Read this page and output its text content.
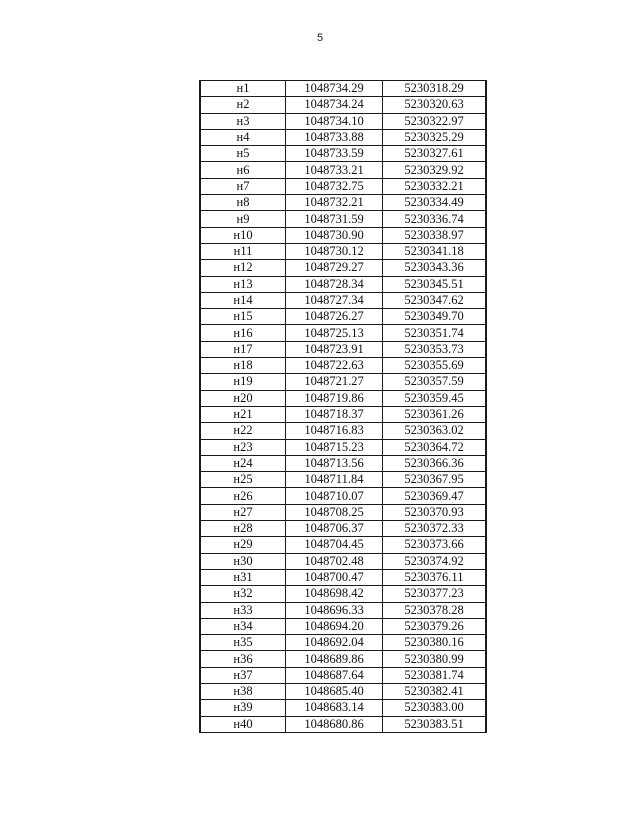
5
н1	1048734.29	5230318.29
н2	1048734.24	5230320.63
н3	1048734.10	5230322.97
н4	1048733.88	5230325.29
н5	1048733.59	5230327.61
н6	1048733.21	5230329.92
н7	1048732.75	5230332.21
н8	1048732.21	5230334.49
н9	1048731.59	5230336.74
н10	1048730.90	5230338.97
н11	1048730.12	5230341.18
н12	1048729.27	5230343.36
н13	1048728.34	5230345.51
н14	1048727.34	5230347.62
н15	1048726.27	5230349.70
н16	1048725.13	5230351.74
н17	1048723.91	5230353.73
н18	1048722.63	5230355.69
н19	1048721.27	5230357.59
н20	1048719.86	5230359.45
н21	1048718.37	5230361.26
н22	1048716.83	5230363.02
н23	1048715.23	5230364.72
н24	1048713.56	5230366.36
н25	1048711.84	5230367.95
н26	1048710.07	5230369.47
н27	1048708.25	5230370.93
н28	1048706.37	5230372.33
н29	1048704.45	5230373.66
н30	1048702.48	5230374.92
н31	1048700.47	5230376.11
н32	1048698.42	5230377.23
н33	1048696.33	5230378.28
н34	1048694.20	5230379.26
н35	1048692.04	5230380.16
н36	1048689.86	5230380.99
н37	1048687.64	5230381.74
н38	1048685.40	5230382.41
н39	1048683.14	5230383.00
н40	1048680.86	5230383.51
